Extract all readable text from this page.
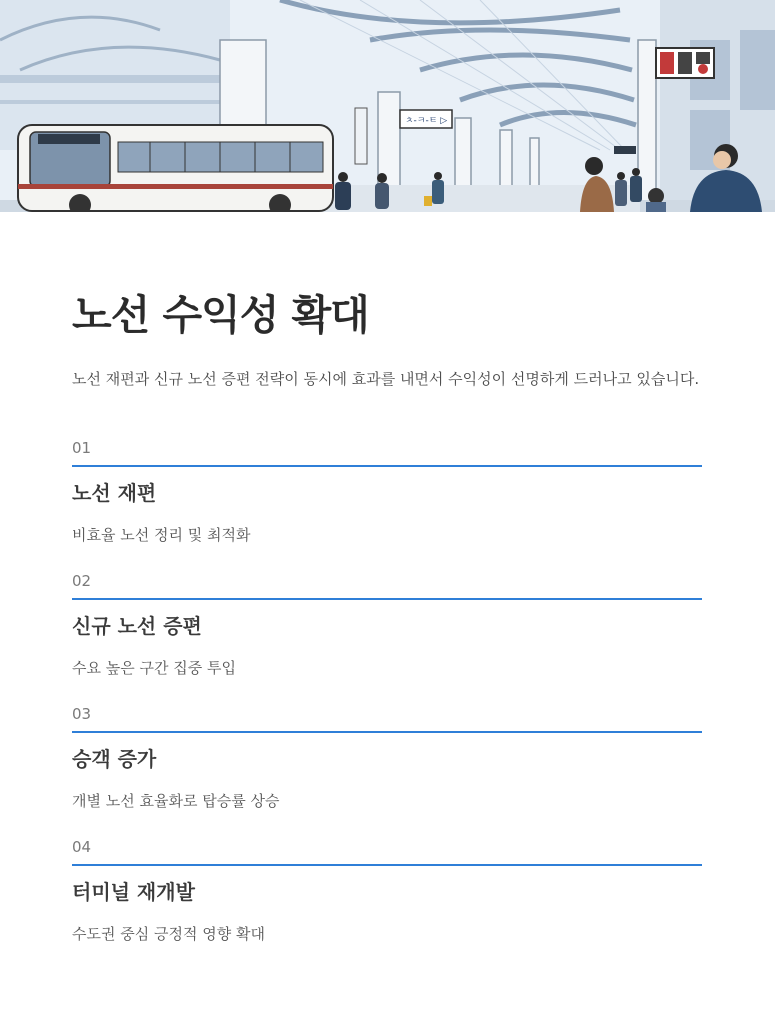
ㅊ-ㅋ-ㅌ ▷
노선 수익성 확대

노선 재편과 신규 노선 증편 전략이 동시에 효과를 내면서 수익성이 선명하게 드러나고 있습니다.

01
노선 재편
비효율 노선 정리 및 최적화
02
신규 노선 증편
수요 높은 구간 집중 투입
03
승객 증가
개별 노선 효율화로 탑승률 상승
04
터미널 재개발
수도권 중심 긍정적 영향 확대
